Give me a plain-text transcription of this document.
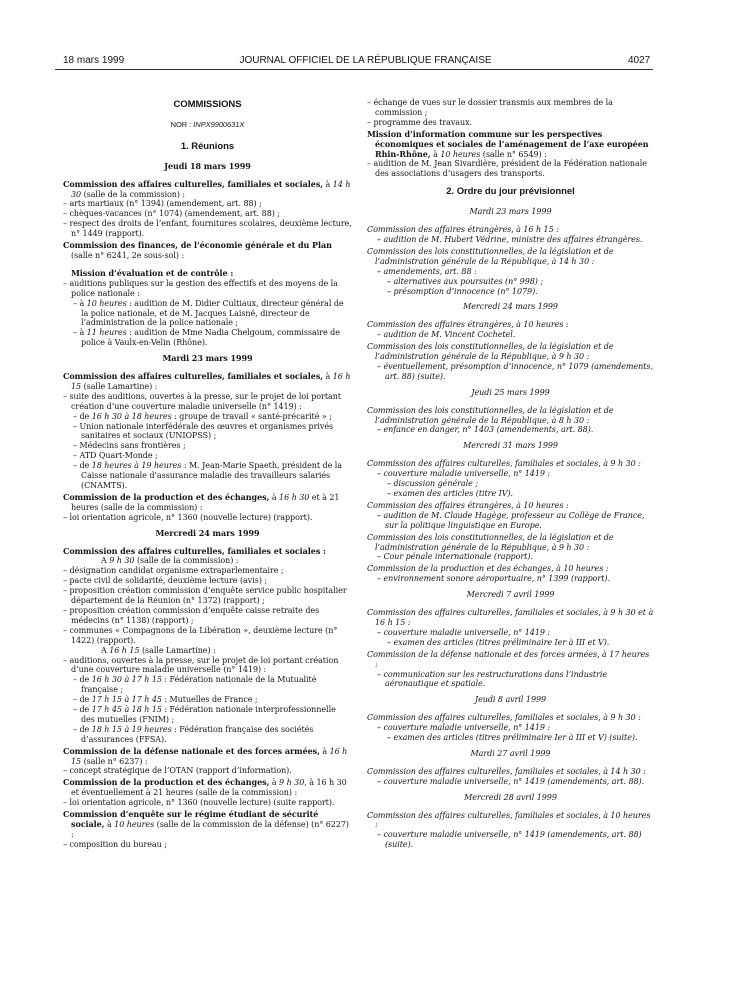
18 mars 1999	JOURNAL OFFICIEL DE LA RÉPUBLIQUE FRANÇAISE	4027

COMMISSIONS

NOR : INPX9900631X

1. Réunions

Jeudi 18 mars 1999

Commission des affaires culturelles, familiales et sociales, à 14 h 30 (salle de la commission) :

– arts martiaux (n° 1394) (amendement, art. 88) ;

– chèques-vacances (n° 1074) (amendement, art. 88) ;

– respect des droits de l’enfant, fournitures scolaires, deuxième lecture, n° 1449 (rapport).

Commission des finances, de l’économie générale et du Plan (salle n° 6241, 2e sous-sol) :

Mission d’évaluation et de contrôle :

– auditions publiques sur la gestion des effectifs et des moyens de la police nationale :

– à 10 heures : audition de M. Didier Cultiaux, directeur général de la police nationale, et de M. Jacques Laisné, directeur de l’administration de la police nationale ;

– à 11 heures : audition de Mme Nadia Chelgoum, commissaire de police à Vaulx-en-Velin (Rhône).

Mardi 23 mars 1999

Commission des affaires culturelles, familiales et sociales, à 16 h 15 (salle Lamartine) :

– suite des auditions, ouvertes à la presse, sur le projet de loi portant création d’une couverture maladie universelle (n° 1419) :

– de 16 h 30 à 18 heures : groupe de travail « santé-précarité » ;

– Union nationale interfédérale des œuvres et organismes privés sanitaires et sociaux (UNIOPSS) ;

– Médecins sans frontières ;

– ATD Quart-Monde ;

– de 18 heures à 19 heures : M. Jean-Marie Spaeth, président de la Caisse nationale d’assurance maladie des travailleurs salariés (CNAMTS).

Commission de la production et des échanges, à 16 h 30 et à 21 heures (salle de la commission) :

– loi orientation agricole, n° 1360 (nouvelle lecture) (rapport).

Mercredi 24 mars 1999

Commission des affaires culturelles, familiales et sociales :

A 9 h 30 (salle de la commission) :

– désignation candidat organisme extraparlementaire ;

– pacte civil de solidarité, deuxième lecture (avis) ;

– proposition création commission d’enquête service public hospitalier département de la Réunion (n° 1372) (rapport) ;

– proposition création commission d’enquête caisse retraite des médecins (n° 1138) (rapport) ;

– communes « Compagnons de la Libération », deuxième lecture (n° 1422) (rapport).

A 16 h 15 (salle Lamartine) :

– auditions, ouvertes à la presse, sur le projet de loi portant création d’une couverture maladie universelle (n° 1419) :

– de 16 h 30 à 17 h 15 : Fédération nationale de la Mutualité française ;

– de 17 h 15 à 17 h 45 : Mutuelles de France ;

– de 17 h 45 à 18 h 15 : Fédération nationale interprofessionnelle des mutuelles (FNIM) ;

– de 18 h 15 à 19 heures : Fédération française des sociétés d’assurances (FFSA).

Commission de la défense nationale et des forces armées, à 16 h 15 (salle n° 6237) :

– concept stratégique de l’OTAN (rapport d’information).

Commission de la production et des échanges, à 9 h 30, à 16 h 30 et éventuellement à 21 heures (salle de la commission) :

– loi orientation agricole, n° 1360 (nouvelle lecture) (suite rapport).

Commission d’enquête sur le régime étudiant de sécurité sociale, à 10 heures (salle de la commission de la défense) (n° 6227) :

– composition du bureau ;

– échange de vues sur le dossier transmis aux membres de la commission ;

– programme des travaux.

Mission d’information commune sur les perspectives économiques et sociales de l’aménagement de l’axe européen Rhin-Rhône, à 10 heures (salle n° 6549) :

– audition de M. Jean Sivardière, président de la Fédération nationale des associations d’usagers des transports.

2. Ordre du jour prévisionnel

Mardi 23 mars 1999

Commission des affaires étrangères, à 16 h 15 :

– audition de M. Hubert Védrine, ministre des affaires étrangères.

Commission des lois constitutionnelles, de la législation et de l’administration générale de la République, à 14 h 30 :

– amendements, art. 88 :

– alternatives aux poursuites (n° 998) ;

– présomption d’innocence (n° 1079).

Mercredi 24 mars 1999

Commission des affaires étrangères, à 10 heures :

– audition de M. Vincent Cochetel.

Commission des lois constitutionnelles, de la législation et de l’administration générale de la République, à 9 h 30 :

– éventuellement, présomption d’innocence, n° 1079 (amendements, art. 88) (suite).

Jeudi 25 mars 1999

Commission des lois constitutionnelles, de la législation et de l’administration générale de la République, à 8 h 30 :

– enfance en danger, n° 1403 (amendements, art. 88).

Mercredi 31 mars 1999

Commission des affaires culturelles, familiales et sociales, à 9 h 30 :

– couverture maladie universelle, n° 1419 :

– discussion générale ;

– examen des articles (titre IV).

Commission des affaires étrangères, à 10 heures :

– audition de M. Claude Hagège, professeur au Collège de France, sur la politique linguistique en Europe.

Commission des lois constitutionnelles, de la législation et de l’administration générale de la République, à 9 h 30 :

– Cour pénale internationale (rapport).

Commission de la production et des échanges, à 10 heures :

– environnement sonore aéroportuaire, n° 1399 (rapport).

Mercredi 7 avril 1999

Commission des affaires culturelles, familiales et sociales, à 9 h 30 et à 16 h 15 :

– couverture maladie universelle, n° 1419 :

– examen des articles (titres préliminaire Ier à III et V).

Commission de la défense nationale et des forces armées, à 17 heures :

– communication sur les restructurations dans l’industrie aéronautique et spatiale.

Jeudi 8 avril 1999

Commission des affaires culturelles, familiales et sociales, à 9 h 30 :

– couverture maladie universelle, n° 1419 :

– examen des articles (titres préliminaire Ier à III et V) (suite).

Mardi 27 avril 1999

Commission des affaires culturelles, familiales et sociales, à 14 h 30 :

– couverture maladie universelle, n° 1419 (amendements, art. 88).

Mercredi 28 avril 1999

Commission des affaires culturelles, familiales et sociales, à 10 heures :

– couverture maladie universelle, n° 1419 (amendements, art. 88) (suite).
